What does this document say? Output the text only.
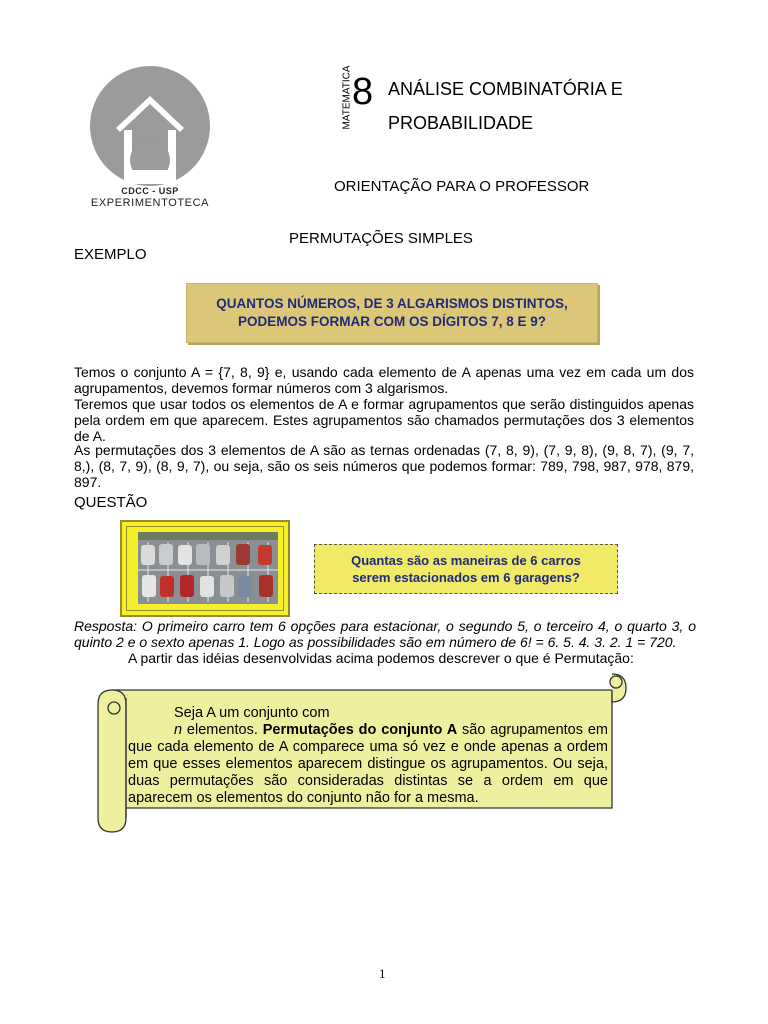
CDCC - USP
EXPERIMENTOTECA
MATEMATICA 8 ANÁLISE COMBINATÓRIA E
PROBABILIDADE
ORIENTAÇÃO PARA O PROFESSOR
PERMUTAÇÕES SIMPLES
EXEMPLO
QUANTOS NÚMEROS, DE 3 ALGARISMOS DISTINTOS,
PODEMOS FORMAR COM OS DÍGITOS 7, 8 E 9?
Temos o conjunto A = {7, 8, 9} e, usando cada elemento de A apenas uma vez em cada um dos agrupamentos, devemos formar números com 3 algarismos.
Teremos que usar todos os elementos de A e formar agrupamentos que serão distinguidos apenas pela ordem em que aparecem. Estes agrupamentos são chamados permutações dos 3 elementos de A.
As permutações dos 3 elementos de A são as ternas ordenadas (7, 8, 9), (7, 9, 8), (9, 8, 7), (9, 7, 8,), (8, 7, 9), (8, 9, 7), ou seja, são os seis números que podemos formar: 789, 798, 987, 978, 879, 897.
QUESTÃO
Quantas são as maneiras de 6 carros
serem estacionados em 6 garagens?
Resposta: O primeiro carro tem 6 opções para estacionar, o segundo 5, o terceiro 4, o quarto 3, o quinto 2 e o sexto apenas 1. Logo as possibilidades são em número de 6! = 6. 5. 4. 3. 2. 1 = 720.
A partir das idéias desenvolvidas acima podemos descrever o que é Permutação:
Seja A um conjunto com
n elementos. Permutações do conjunto A são agrupamentos em que cada elemento de A comparece uma só vez e onde apenas a ordem em que esses elementos aparecem distingue os agrupamentos. Ou seja, duas permutações são consideradas distintas se a ordem em que aparecem os elementos do conjunto não for a mesma.
1
